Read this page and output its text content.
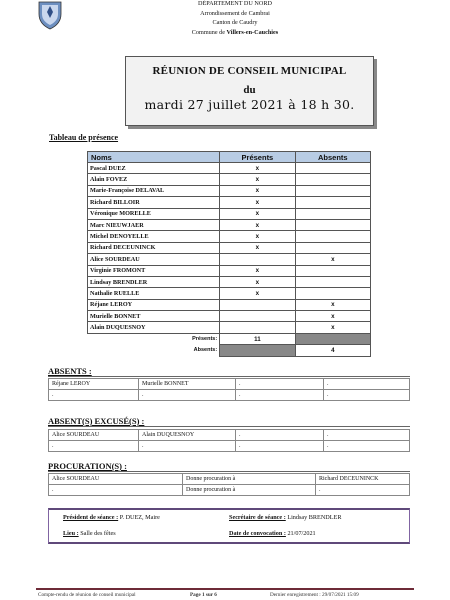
DÉPARTEMENT DU NORD
Arrondissement de Cambrai
Canton de Caudry
Commune de Villers-en-Cauchies
RÉUNION DE CONSEIL MUNICIPAL
du
mardi 27 juillet 2021 à 18 h 30.
Tableau de présence
Noms	Présents	Absents
Pascal DUEZ	x	
Alain FOVEZ	x	
Marie-Françoise DELAVAL	x	
Richard BILLOIR	x	
Véronique MORELLE	x	
Marc NIEUWJAER	x	
Michel DENOYELLE	x	
Richard DECEUNINCK	x	
Alice SOURDEAU		x
Virginie FROMONT	x	
Lindsay BRENDLER	x	
Nathalie RUELLE	x	
Réjane LEROY		x
Murielle BONNET		x
Alain DUQUESNOY		x
Présents:	11	
Absents:		4
ABSENTS :
Réjane LEROY	Murielle BONNET	.	.
.	.	.	.
ABSENT(S) EXCUSÉ(S) :
Alice SOURDEAU	Alain DUQUESNOY	.	.
.	.	.	.
PROCURATION(S) :
Alice SOURDEAU	Donne procuration à	Richard DECEUNINCK
.	Donne procuration à	.
Président de séance : P. DUEZ, Maire	Secrétaire de séance : Lindsay BRENDLER
Lieu : Salle des fêtes	Date de convocation : 21/07/2021
Compte-rendu de réunion de conseil municipal	Page 1 sur 6	Dernier enregistrement : 29/07/2021 15:09
